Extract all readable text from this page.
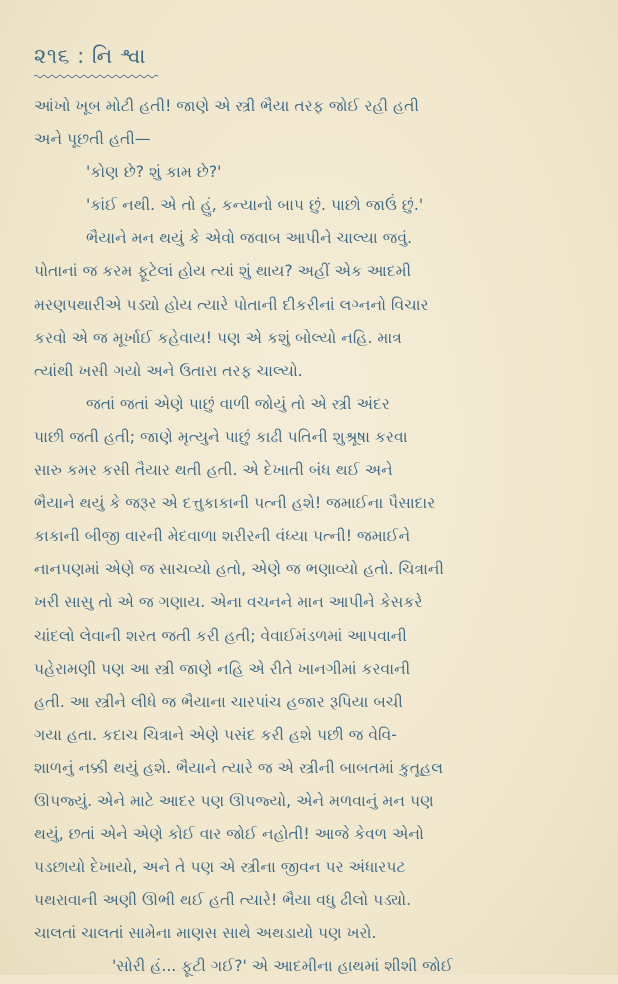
૨૧૬ : નિ શ્વા
આંખો ખૂબ મોટી હતી! જાણે એ સ્ત્રી ભૈયા તરફ જોઈ રહી હતી
અને પૂછતી હતી—
'કોણ છે? શું કામ છે?'
'કાંઈ નથી. એ તો હું, કન્યાનો બાપ છું. પાછો જાઉં છું.'
ભૈયાને મન થયું કે એવો જવાબ આપીને ચાલ્યા જવું.
પોતાનાં જ કરમ ફૂટેલાં હોય ત્યાં શું થાય? અહીં એક આદમી
મરણપથારીએ પડ્યો હોય ત્યારે પોતાની દીકરીનાં લગ્નનો વિચાર
કરવો એ જ મૂર્ખાઈ કહેવાય! પણ એ કશું બોલ્યો નહિ. માત્ર
ત્યાંથી ખસી ગયો અને ઉતારા તરફ ચાલ્યો.
જતાં જતાં એણે પાછું વાળી જોયું તો એ સ્ત્રી અંદર
પાછી જતી હતી; જાણે મૃત્યુને પાછું કાઢી પતિની શુશ્રૂષા કરવા
સારુ કમર કસી તૈયાર થતી હતી. એ દેખાતી બંધ થઈ અને
ભૈયાને થયું કે જરૂર એ દત્તુકાકાની પત્ની હશે! જમાઈના પૈસાદાર
કાકાની બીજી વારની મેદવાળા શરીરની વંધ્યા પત્ની! જમાઈને
નાનપણમાં એણે જ સાચવ્યો હતો, એણે જ ભણાવ્યો હતો. ચિત્રાની
ખરી સાસુ તો એ જ ગણાય. એના વચનને માન આપીને કેસકરે
ચાંદલો લેવાની શરત જતી કરી હતી; વેવાઈમંડળમાં આપવાની
પહેરામણી પણ આ સ્ત્રી જાણે નહિ એ રીતે ખાનગીમાં કરવાની
હતી. આ સ્ત્રીને લીધે જ ભૈયાના ચારપાંચ હજાર રૂપિયા બચી
ગયા હતા. કદાચ ચિત્રાને એણે પસંદ કરી હશે પછી જ વેવિ-
શાળનું નક્કી થયું હશે. ભૈયાને ત્યારે જ એ સ્ત્રીની બાબતમાં કુતૂહલ
ઊપજ્યું. એને માટે આદર પણ ઊપજ્યો, એને મળવાનું મન પણ
થયું, છતાં એને એણે કોઈ વાર જોઈ નહોતી! આજે કેવળ એનો
પડછાયો દેખાયો, અને તે પણ એ સ્ત્રીના જીવન પર અંધારપટ
પથરાવાની અણી ઊભી થઈ હતી ત્યારે! ભૈયા વધુ ઢીલો પડ્યો.
ચાલતાં ચાલતાં સામેના માણસ સાથે અથડાયો પણ ખરો.
'સોરી હં... ફૂટી ગઈ?' એ આદમીના હાથમાં શીશી જોઈ
